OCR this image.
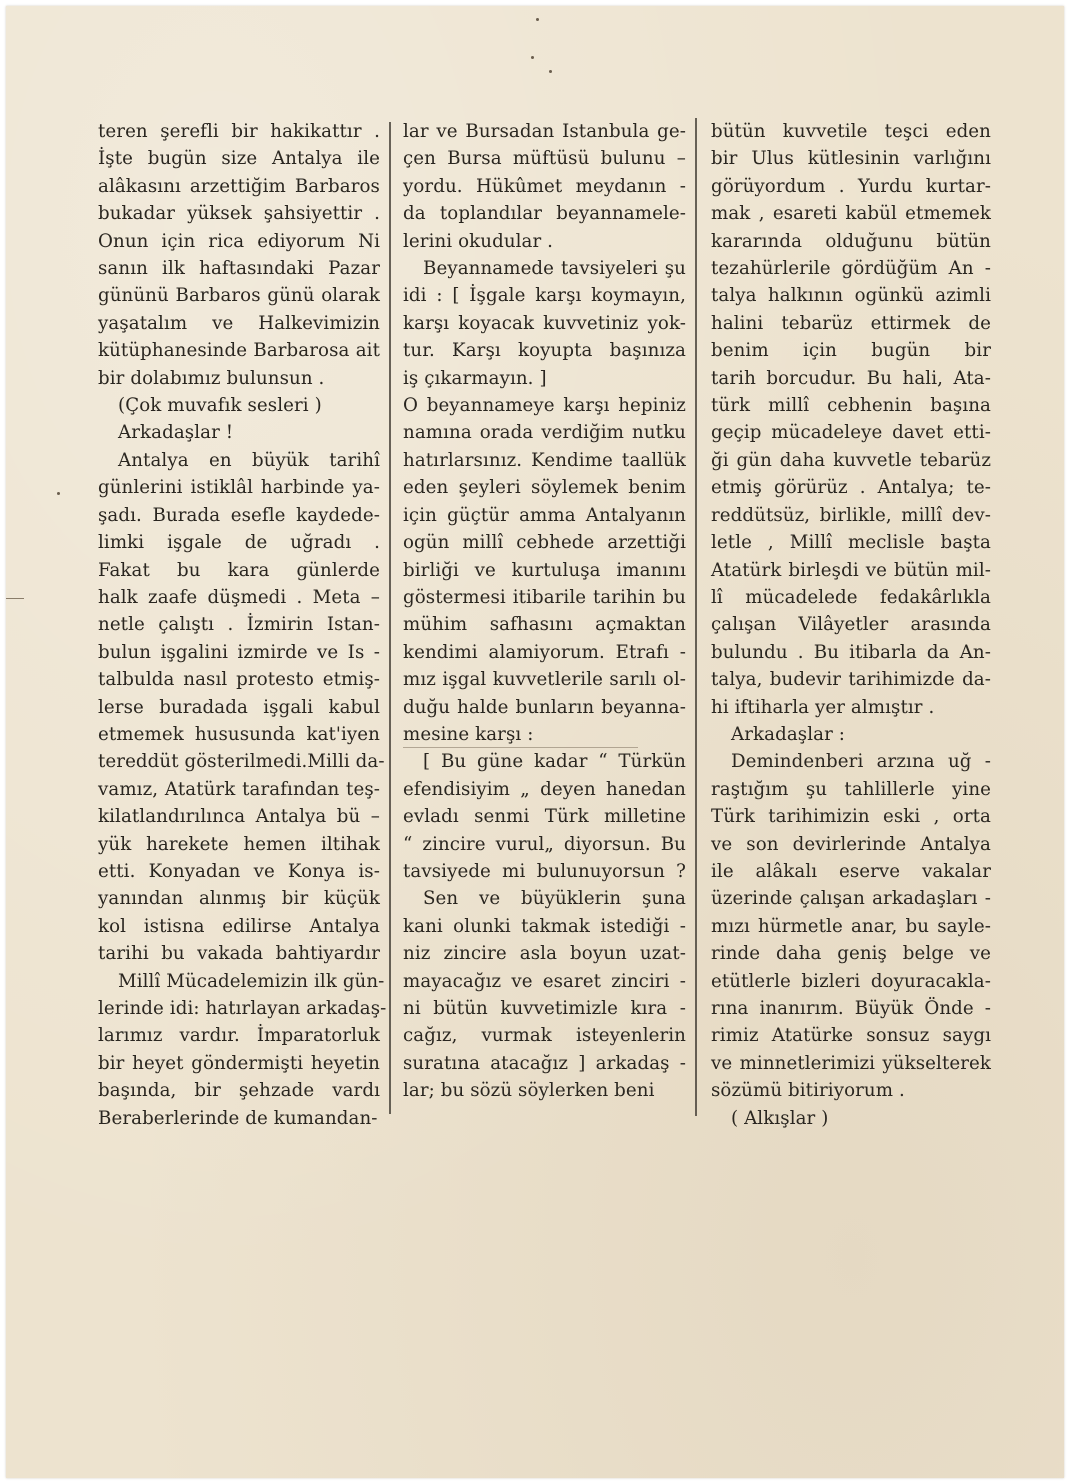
teren şerefli bir hakikattır .
İşte bugün size Antalya ile
alâkasını arzettiğim Barbaros
bukadar yüksek şahsiyettir .
Onun için rica ediyorum Ni
sanın ilk haftasındaki Pazar
gününü Barbaros günü olarak
yaşatalım ve Halkevimizin
kütüphanesinde Barbarosa ait
bir dolabımız bulunsun .
(Çok muvafık sesleri )
Arkadaşlar !
Antalya en büyük tarihî
günlerini istiklâl harbinde ya-
şadı. Burada esefle kaydede-
limki işgale de uğradı .
Fakat bu kara günlerde
halk zaafe düşmedi . Meta –
netle çalıştı . İzmirin Istan-
bulun işgalini izmirde ve Is -
talbulda nasıl protesto etmiş-
lerse buradada işgali kabul
etmemek hususunda kat'iyen
tereddüt gösterilmedi.Milli da-
vamız, Atatürk tarafından teş-
kilatlandırılınca Antalya bü –
yük harekete hemen iltihak
etti. Konyadan ve Konya is-
yanından alınmış bir küçük
kol istisna edilirse Antalya
tarihi bu vakada bahtiyardır
Millî Mücadelemizin ilk gün-
lerinde idi: hatırlayan arkadaş-
larımız vardır. İmparatorluk
bir heyet göndermişti heyetin
başında, bir şehzade vardı
Beraberlerinde de kumandan-
lar ve Bursadan Istanbula ge-
çen Bursa müftüsü bulunu –
yordu. Hükûmet meydanın -
da toplandılar beyannamele-
lerini okudular .
Beyannamede tavsiyeleri şu
idi : [ İşgale karşı koymayın,
karşı koyacak kuvvetiniz yok-
tur. Karşı koyupta başınıza
iş çıkarmayın. ]
O beyannameye karşı hepiniz
namına orada verdiğim nutku
hatırlarsınız. Kendime taallük
eden şeyleri söylemek benim
için güçtür amma Antalyanın
ogün millî cebhede arzettiği
birliği ve kurtuluşa imanını
göstermesi itibarile tarihin bu
mühim safhasını açmaktan
kendimi alamiyorum. Etrafı -
mız işgal kuvvetlerile sarılı ol-
duğu halde bunların beyanna-
mesine karşı :
[ Bu güne kadar “ Türkün
efendisiyim „ deyen hanedan
evladı senmi Türk milletine
“ zincire vurul„ diyorsun. Bu
tavsiyede mi bulunuyorsun ?
Sen ve büyüklerin şuna
kani olunki takmak istediği -
niz zincire asla boyun uzat-
mayacağız ve esaret zinciri -
ni bütün kuvvetimizle kıra -
cağız, vurmak isteyenlerin
suratına atacağız ] arkadaş -
lar; bu sözü söylerken beni
bütün kuvvetile teşci eden
bir Ulus kütlesinin varlığını
görüyordum . Yurdu kurtar-
mak , esareti kabül etmemek
kararında olduğunu bütün
tezahürlerile gördüğüm An -
talya halkının ogünkü azimli
halini tebarüz ettirmek de
benim için bugün bir
tarih borcudur. Bu hali, Ata-
türk millî cebhenin başına
geçip mücadeleye davet etti-
ği gün daha kuvvetle tebarüz
etmiş görürüz . Antalya; te-
reddütsüz, birlikle, millî dev-
letle , Millî meclisle başta
Atatürk birleşdi ve bütün mil-
lî mücadelede fedakârlıkla
çalışan Vilâyetler arasında
bulundu . Bu itibarla da An-
talya, budevir tarihimizde da-
hi iftiharla yer almıştır .
Arkadaşlar :
Demindenberi arzına uğ -
raştığım şu tahlillerle yine
Türk tarihimizin eski , orta
ve son devirlerinde Antalya
ile alâkalı eserve vakalar
üzerinde çalışan arkadaşları -
mızı hürmetle anar, bu sayle-
rinde daha geniş belge ve
etütlerle bizleri doyuracakla-
rına inanırım. Büyük Önde -
rimiz Atatürke sonsuz saygı
ve minnetlerimizi yükselterek
sözümü bitiriyorum .
( Alkışlar )
